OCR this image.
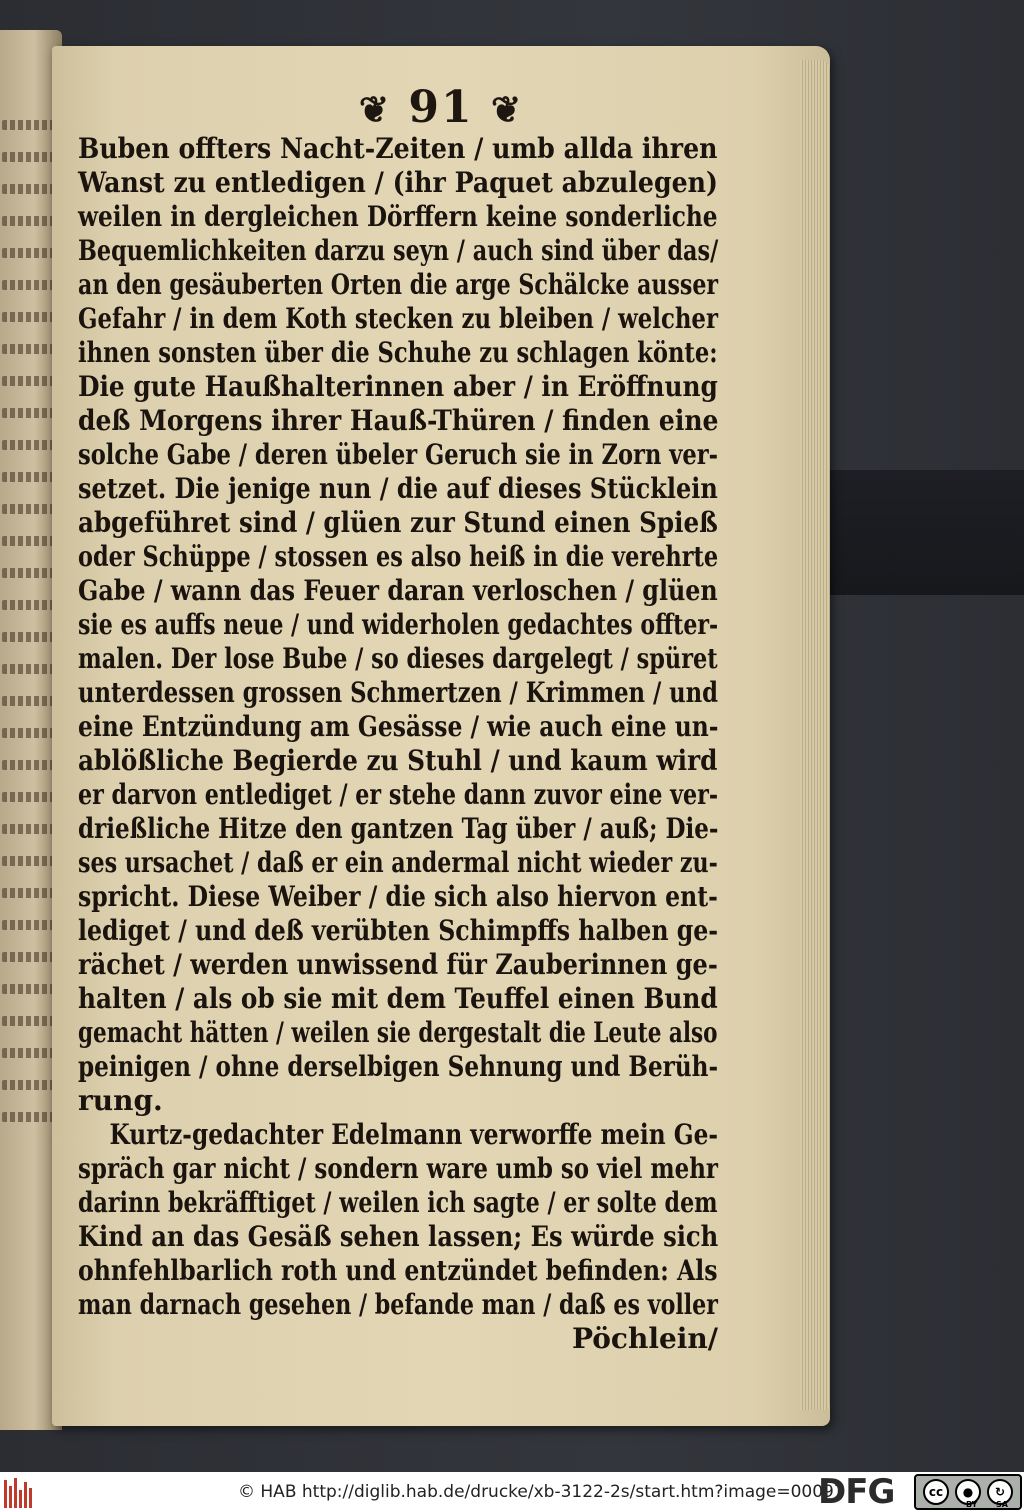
❦ 91 ❦
Buben offters Nacht-Zeiten / umb allda ihren
Wanst zu entledigen / (ihr Paquet abzulegen)
weilen in dergleichen Dörffern keine sonderliche
Bequemlichkeiten darzu seyn / auch sind über das/
an den gesäuberten Orten die arge Schälcke ausser
Gefahr / in dem Koth stecken zu bleiben / welcher
ihnen sonsten über die Schuhe zu schlagen könte:
Die gute Haußhalterinnen aber / in Eröffnung
deß Morgens ihrer Hauß-Thüren / finden eine
solche Gabe / deren übeler Geruch sie in Zorn ver-
setzet. Die jenige nun / die auf dieses Stücklein
abgeführet sind / glüen zur Stund einen Spieß
oder Schüppe / stossen es also heiß in die verehrte
Gabe / wann das Feuer daran verloschen / glüen
sie es auffs neue / und widerholen gedachtes offter-
malen. Der lose Bube / so dieses dargelegt / spüret
unterdessen grossen Schmertzen / Krimmen / und
eine Entzündung am Gesässe / wie auch eine un-
ablößliche Begierde zu Stuhl / und kaum wird
er darvon entlediget / er stehe dann zuvor eine ver-
drießliche Hitze den gantzen Tag über / auß; Die-
ses ursachet / daß er ein andermal nicht wieder zu-
spricht. Diese Weiber / die sich also hiervon ent-
lediget / und deß verübten Schimpffs halben ge-
rächet / werden unwissend für Zauberinnen ge-
halten / als ob sie mit dem Teuffel einen Bund
gemacht hätten / weilen sie dergestalt die Leute also
peinigen / ohne derselbigen Sehnung und Berüh-
rung.
Kurtz-gedachter Edelmann verworffe mein Ge-
spräch gar nicht / sondern ware umb so viel mehr
darinn bekräfftiget / weilen ich sagte / er solte dem
Kind an das Gesäß sehen lassen; Es würde sich
ohnfehlbarlich roth und entzündet befinden: Als
man darnach gesehen / befande man / daß es voller
Pöchlein/
© HAB http://diglib.hab.de/drucke/xb-3122-2s/start.htm?image=00097
DFG	cc ● ↻
BY SA
